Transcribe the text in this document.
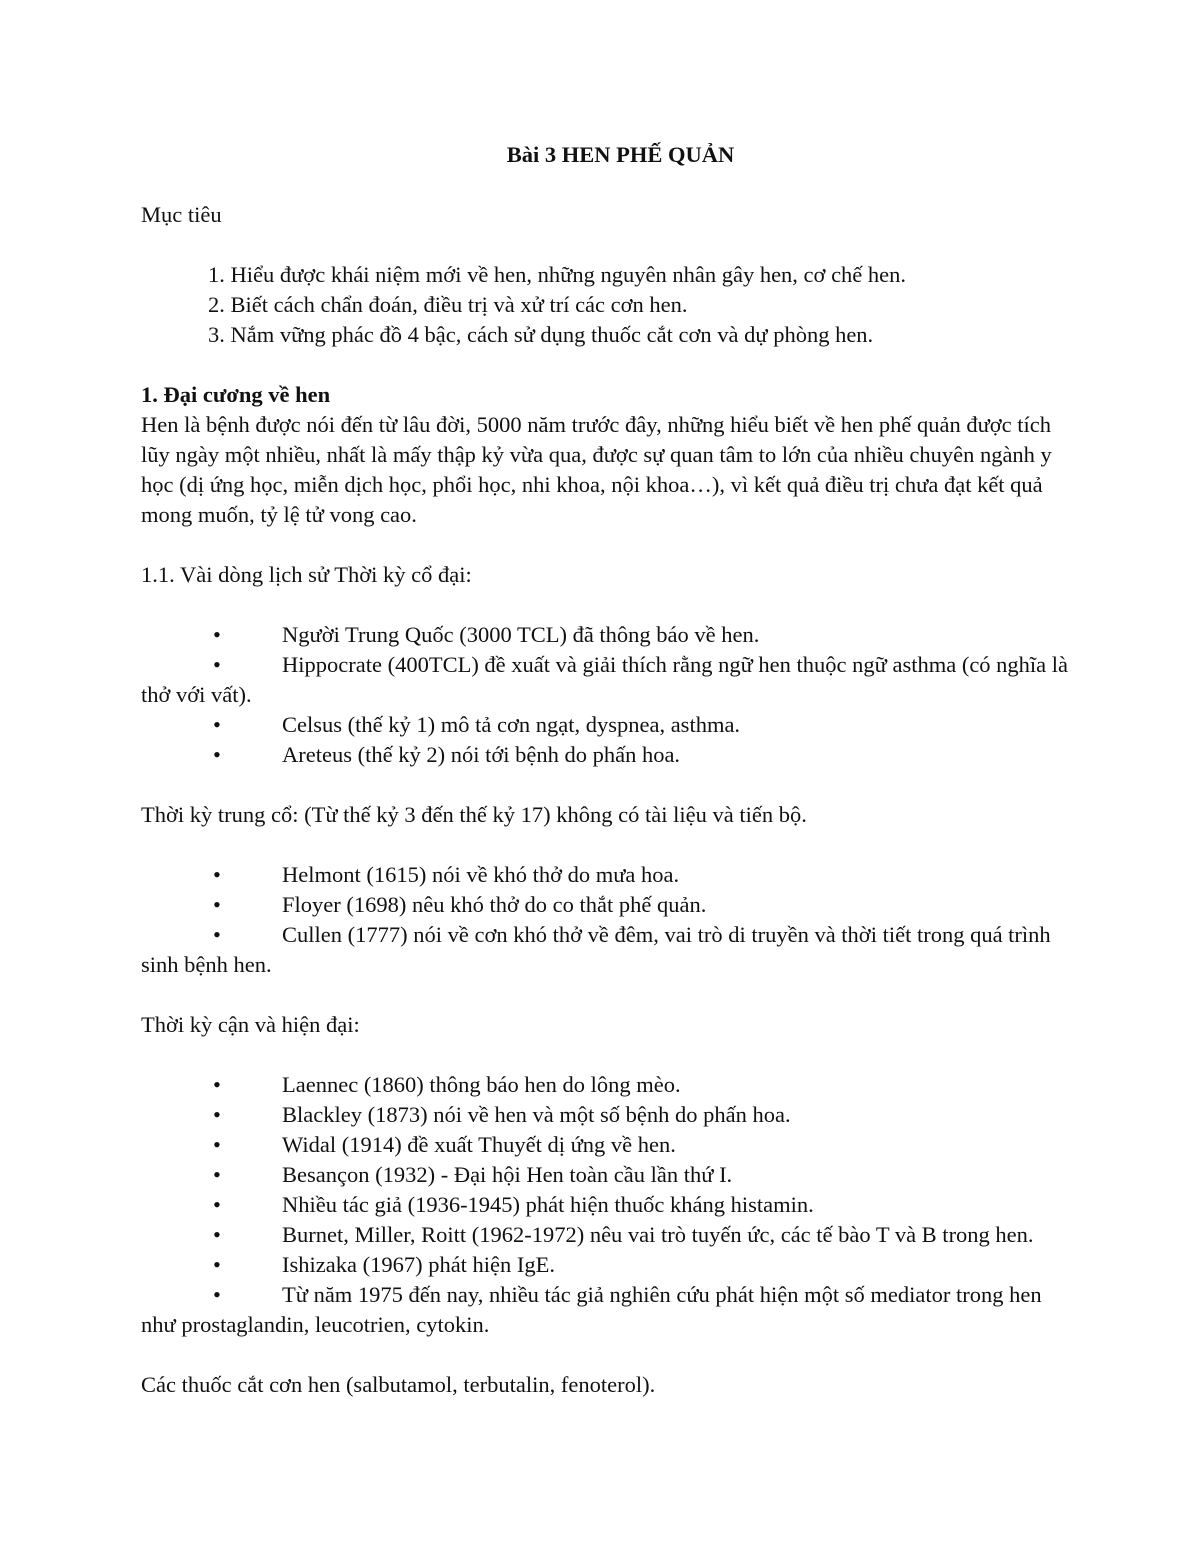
Bài 3 HEN PHẾ QUẢN

Mục tiêu

1. Hiểu được khái niệm mới về hen, những nguyên nhân gây hen, cơ chế hen.
2. Biết cách chẩn đoán, điều trị và xử trí các cơn hen.
3. Nắm vững phác đồ 4 bậc, cách sử dụng thuốc cắt cơn và dự phòng hen.

1. Đại cương về hen

Hen là bệnh được nói đến từ lâu đời, 5000 năm trước đây, những hiểu biết về hen phế quản được tích lũy ngày một nhiều, nhất là mấy thập kỷ vừa qua, được sự quan tâm to lớn của nhiều chuyên ngành y học (dị ứng học, miễn dịch học, phổi học, nhi khoa, nội khoa…), vì kết quả điều trị chưa đạt kết quả mong muốn, tỷ lệ tử vong cao.

1.1. Vài dòng lịch sử Thời kỳ cổ đại:

•	Người Trung Quốc (3000 TCL) đã thông báo về hen.
•	Hippocrate (400TCL) đề xuất và giải thích rằng ngữ hen thuộc ngữ asthma (có nghĩa là thở với vất).
•	Celsus (thế kỷ 1) mô tả cơn ngạt, dyspnea, asthma.
•	Areteus (thế kỷ 2) nói tới bệnh do phấn hoa.

Thời kỳ trung cổ: (Từ thế kỷ 3 đến thế kỷ 17) không có tài liệu và tiến bộ.

•	Helmont (1615) nói về khó thở do mưa hoa.
•	Floyer (1698) nêu khó thở do co thắt phế quản.
•	Cullen (1777) nói về cơn khó thở về đêm, vai trò di truyền và thời tiết trong quá trình sinh bệnh hen.

Thời kỳ cận và hiện đại:

•	Laennec (1860) thông báo hen do lông mèo.
•	Blackley (1873) nói về hen và một số bệnh do phấn hoa.
•	Widal (1914) đề xuất Thuyết dị ứng về hen.
•	Besançon (1932) - Đại hội Hen toàn cầu lần thứ I.
•	Nhiều tác giả (1936-1945) phát hiện thuốc kháng histamin.
•	Burnet, Miller, Roitt (1962-1972) nêu vai trò tuyến ức, các tế bào T và B trong hen.
•	Ishizaka (1967) phát hiện IgE.
•	Từ năm 1975 đến nay, nhiều tác giả nghiên cứu phát hiện một số mediator trong hen như prostaglandin, leucotrien, cytokin.

Các thuốc cắt cơn hen (salbutamol, terbutalin, fenoterol).
